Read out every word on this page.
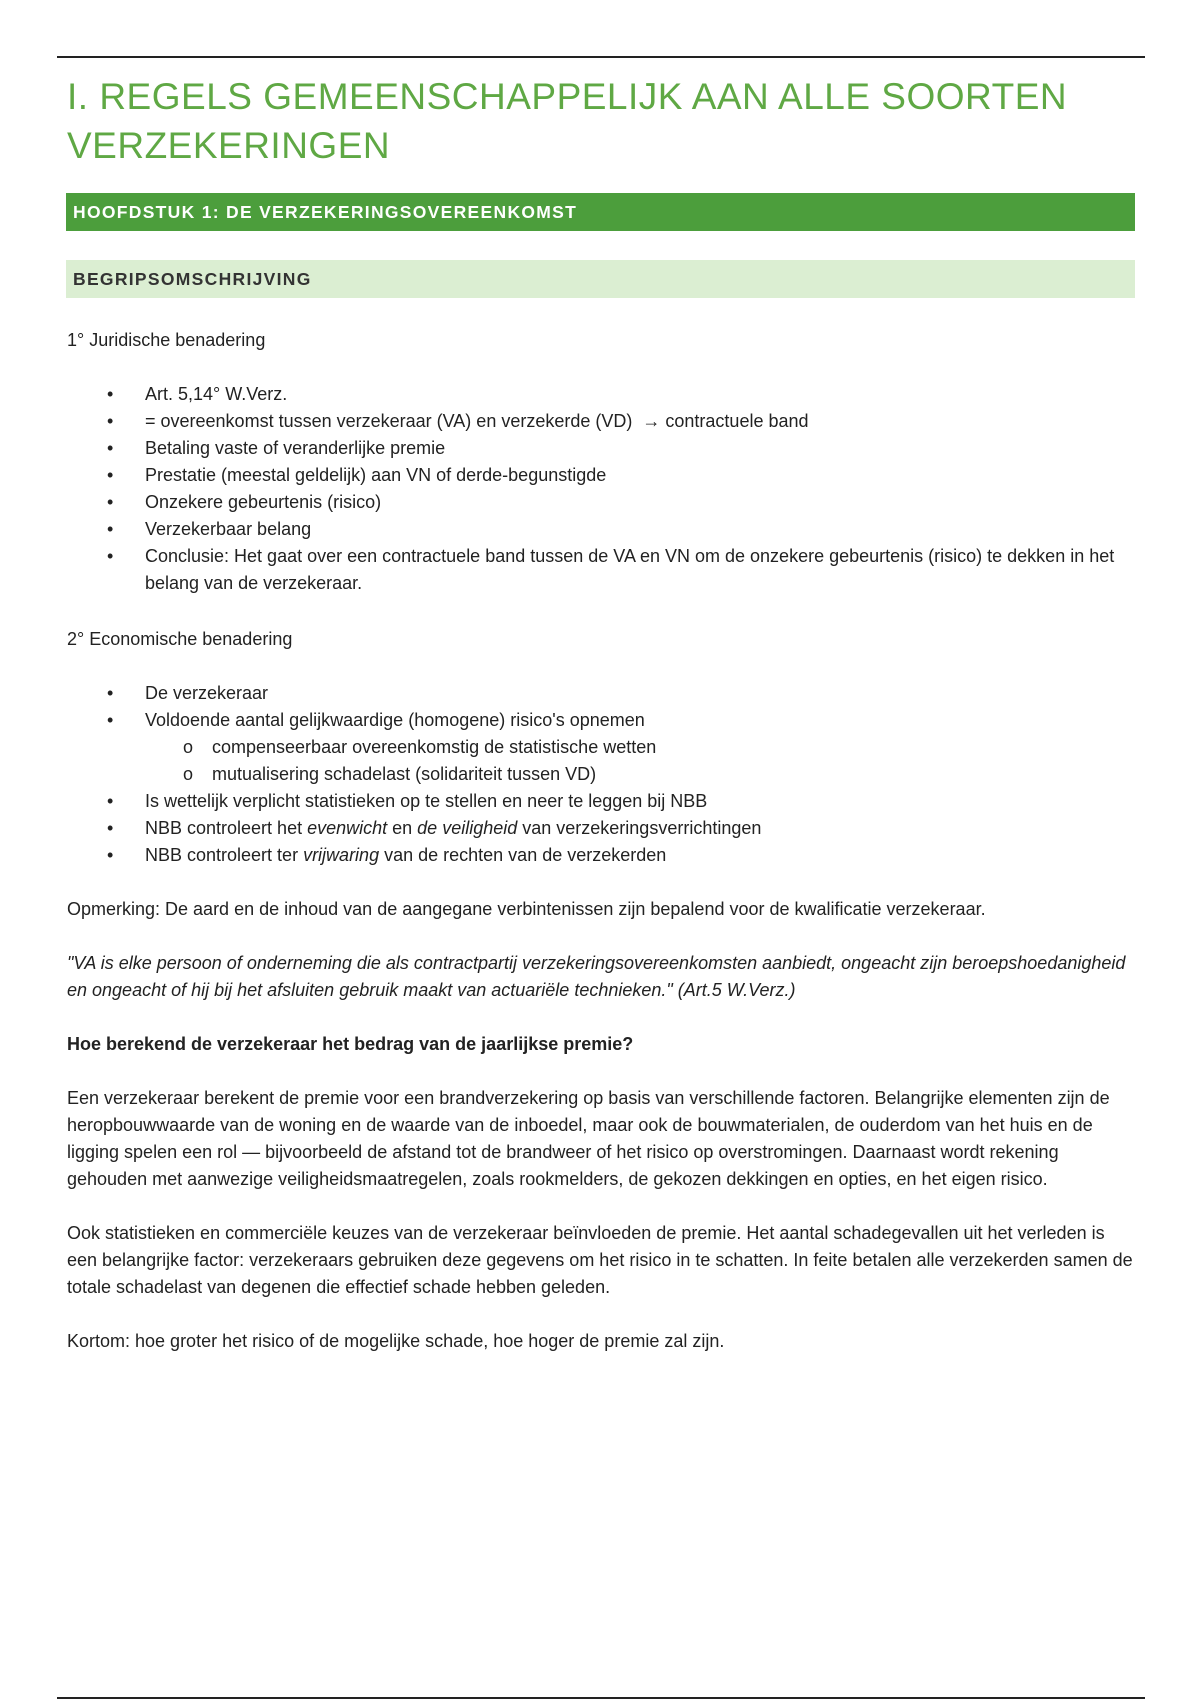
I. REGELS GEMEENSCHAPPELIJK AAN ALLE SOORTEN VERZEKERINGEN
HOOFDSTUK 1: DE VERZEKERINGSOVEREENKOMST
BEGRIPSOMSCHRIJVING

1° Juridische benadering

• Art. 5,14° W.Verz.
• = overeenkomst tussen verzekeraar (VA) en verzekerde (VD) → contractuele band
• Betaling vaste of veranderlijke premie
• Prestatie (meestal geldelijk) aan VN of derde-begunstigde
• Onzekere gebeurtenis (risico)
• Verzekerbaar belang
• Conclusie: Het gaat over een contractuele band tussen de VA en VN om de onzekere gebeurtenis (risico) te dekken in het belang van de verzekeraar.

2° Economische benadering

• De verzekeraar
• Voldoende aantal gelijkwaardige (homogene) risico's opnemen
o compenseerbaar overeenkomstig de statistische wetten
o mutualisering schadelast (solidariteit tussen VD)
• Is wettelijk verplicht statistieken op te stellen en neer te leggen bij NBB
• NBB controleert het evenwicht en de veiligheid van verzekeringsverrichtingen
• NBB controleert ter vrijwaring van de rechten van de verzekerden

Opmerking: De aard en de inhoud van de aangegane verbintenissen zijn bepalend voor de kwalificatie verzekeraar.

"VA is elke persoon of onderneming die als contractpartij verzekeringsovereenkomsten aanbiedt, ongeacht zijn beroepshoedanigheid en ongeacht of hij bij het afsluiten gebruik maakt van actuariële technieken." (Art.5 W.Verz.)

Hoe berekend de verzekeraar het bedrag van de jaarlijkse premie?

Een verzekeraar berekent de premie voor een brandverzekering op basis van verschillende factoren. Belangrijke elementen zijn de heropbouwwaarde van de woning en de waarde van de inboedel, maar ook de bouwmaterialen, de ouderdom van het huis en de ligging spelen een rol — bijvoorbeeld de afstand tot de brandweer of het risico op overstromingen. Daarnaast wordt rekening gehouden met aanwezige veiligheidsmaatregelen, zoals rookmelders, de gekozen dekkingen en opties, en het eigen risico.

Ook statistieken en commerciële keuzes van de verzekeraar beïnvloeden de premie. Het aantal schadegevallen uit het verleden is een belangrijke factor: verzekeraars gebruiken deze gegevens om het risico in te schatten. In feite betalen alle verzekerden samen de totale schadelast van degenen die effectief schade hebben geleden.

Kortom: hoe groter het risico of de mogelijke schade, hoe hoger de premie zal zijn.
